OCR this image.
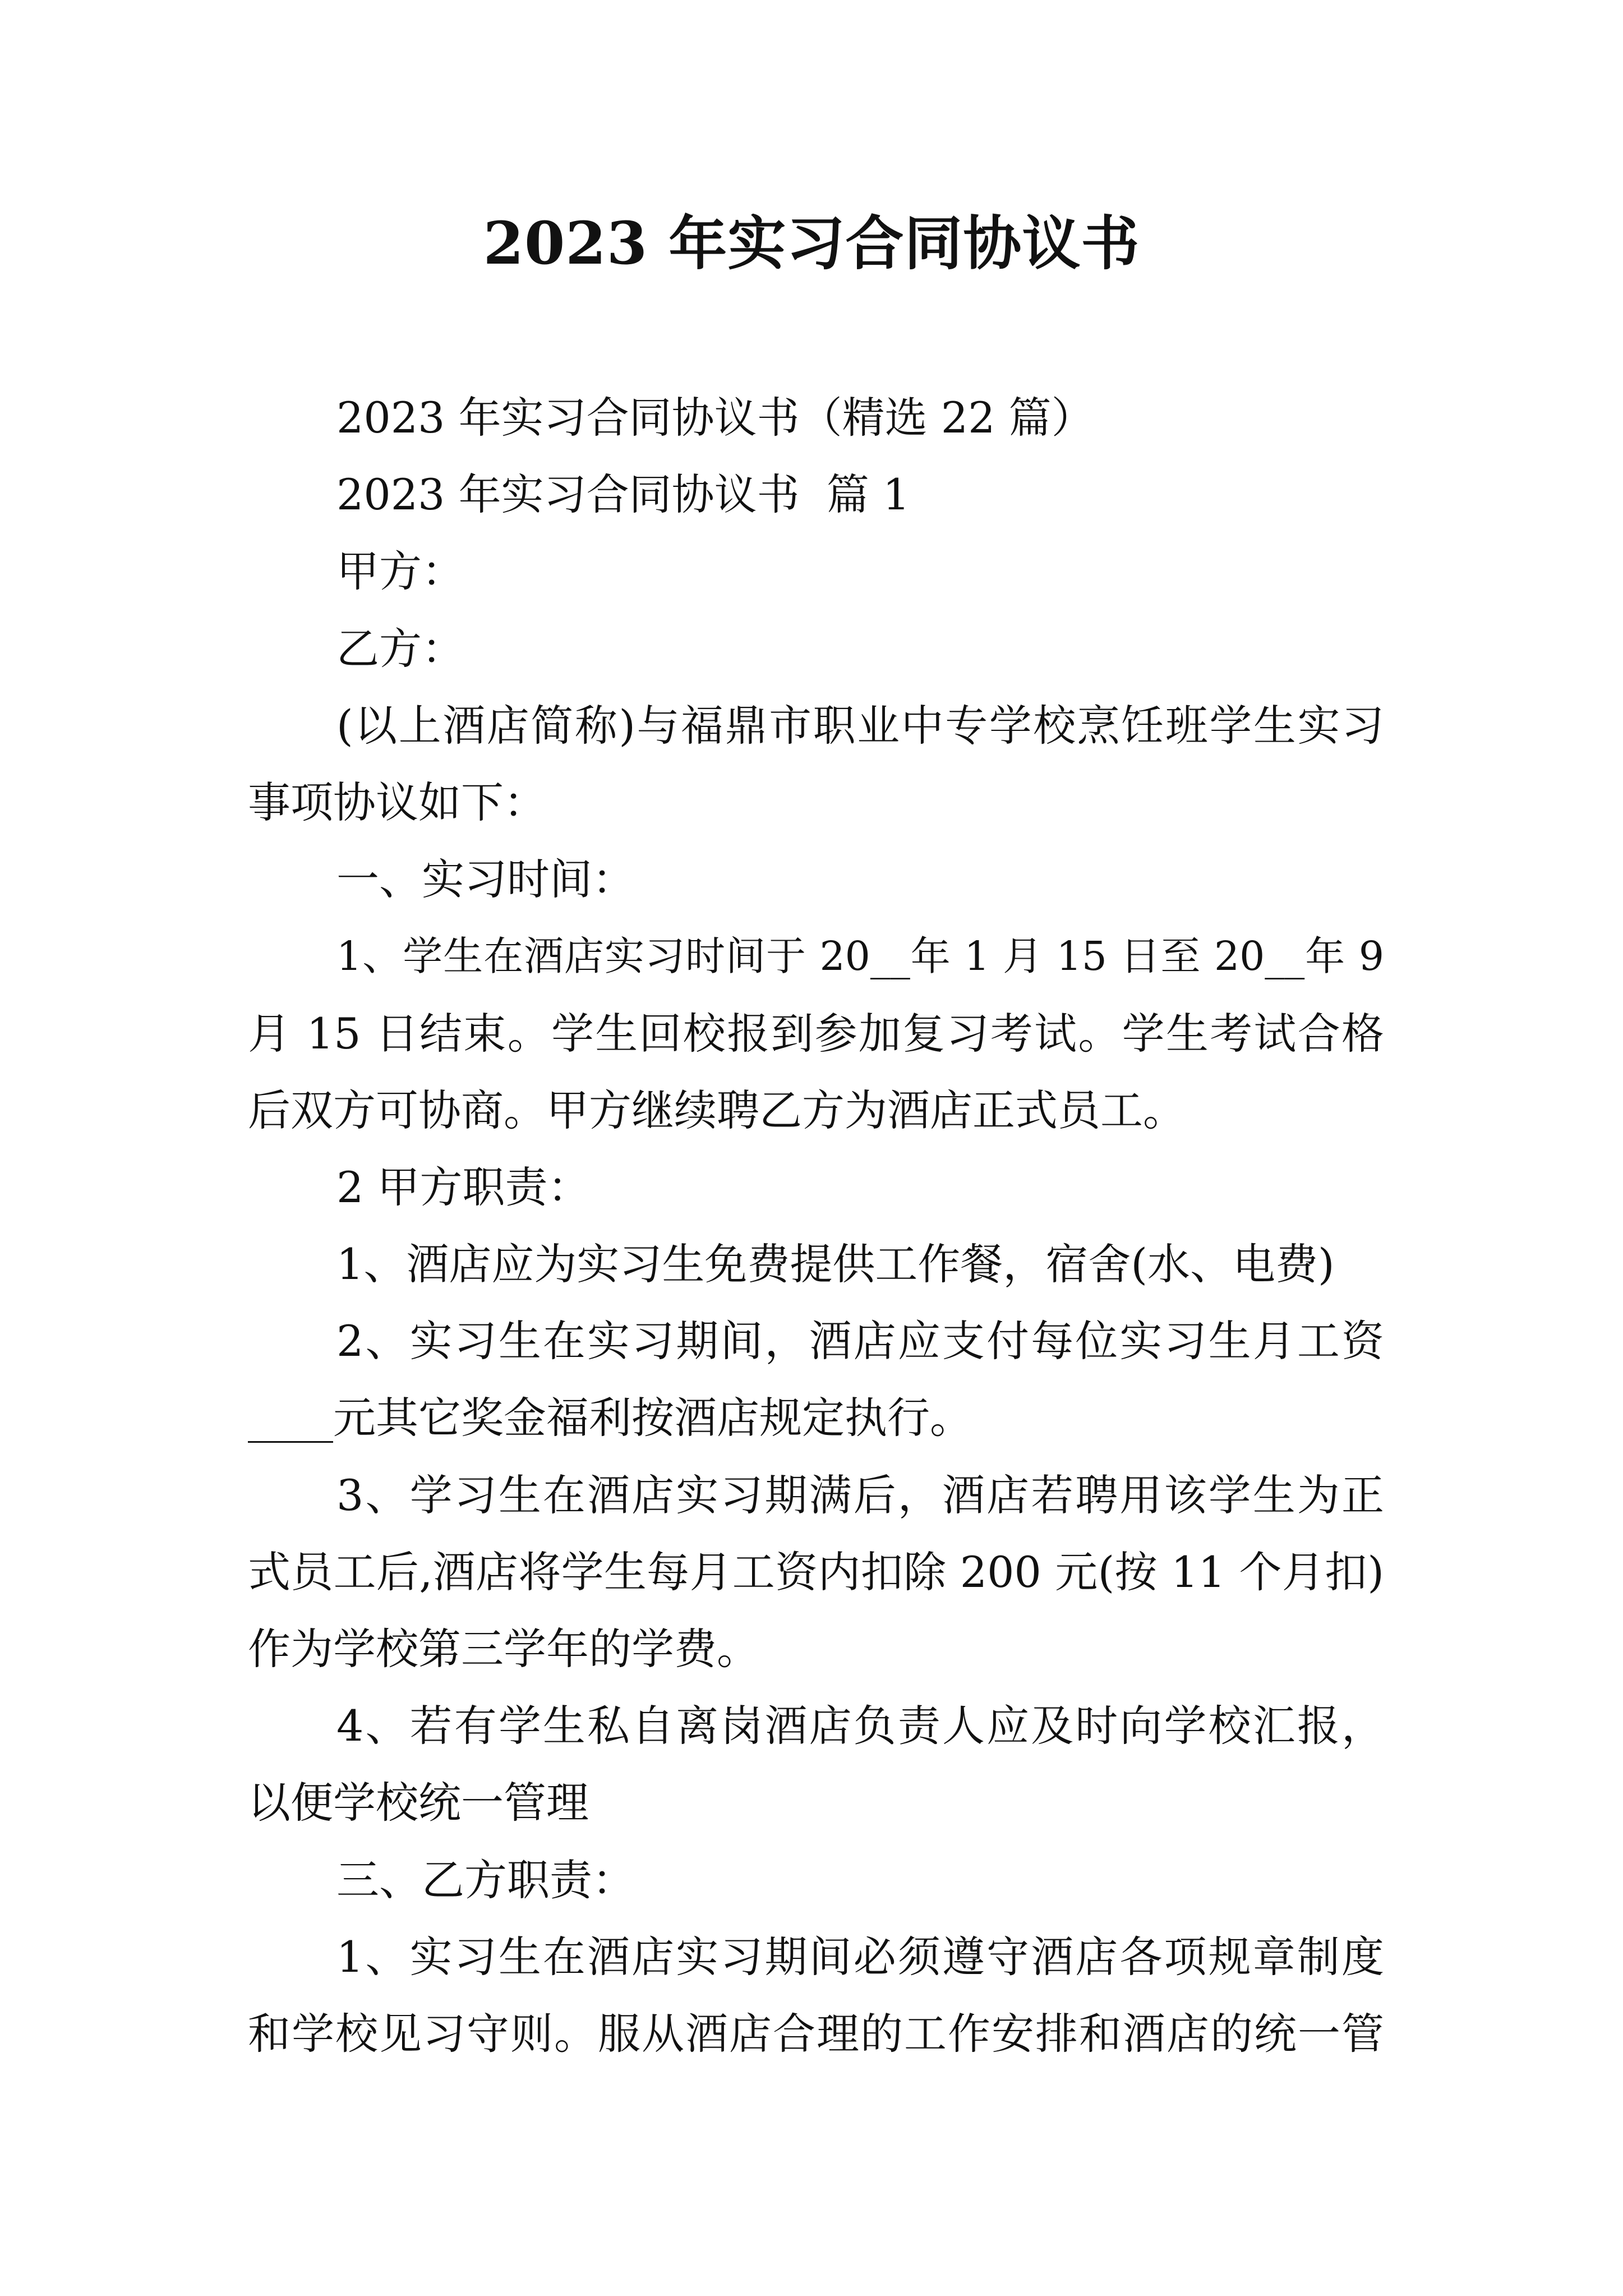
2023 年实习合同协议书
2023 年实习合同协议书（精选 22 篇）
2023 年实习合同协议书  篇 1
甲方：
乙方：
(以上酒店简称)与福鼎市职业中专学校烹饪班学生实习
事项协议如下：
一、实习时间：
1、学生在酒店实习时间于 20__年 1 月 15 日至 20__年 9
月 15 日结束。学生回校报到参加复习考试。学生考试合格
后双方可协商。甲方继续聘乙方为酒店正式员工。
2 甲方职责：
1、酒店应为实习生免费提供工作餐，宿舍(水、电费)
2、实习生在实习期间，酒店应支付每位实习生月工资
____元其它奖金福利按酒店规定执行。
3、学习生在酒店实习期满后，酒店若聘用该学生为正
式员工后,酒店将学生每月工资内扣除 200 元(按 11 个月扣)
作为学校第三学年的学费。
4、若有学生私自离岗酒店负责人应及时向学校汇报，
以便学校统一管理
三、乙方职责：
1、实习生在酒店实习期间必须遵守酒店各项规章制度
和学校见习守则。服从酒店合理的工作安排和酒店的统一管
